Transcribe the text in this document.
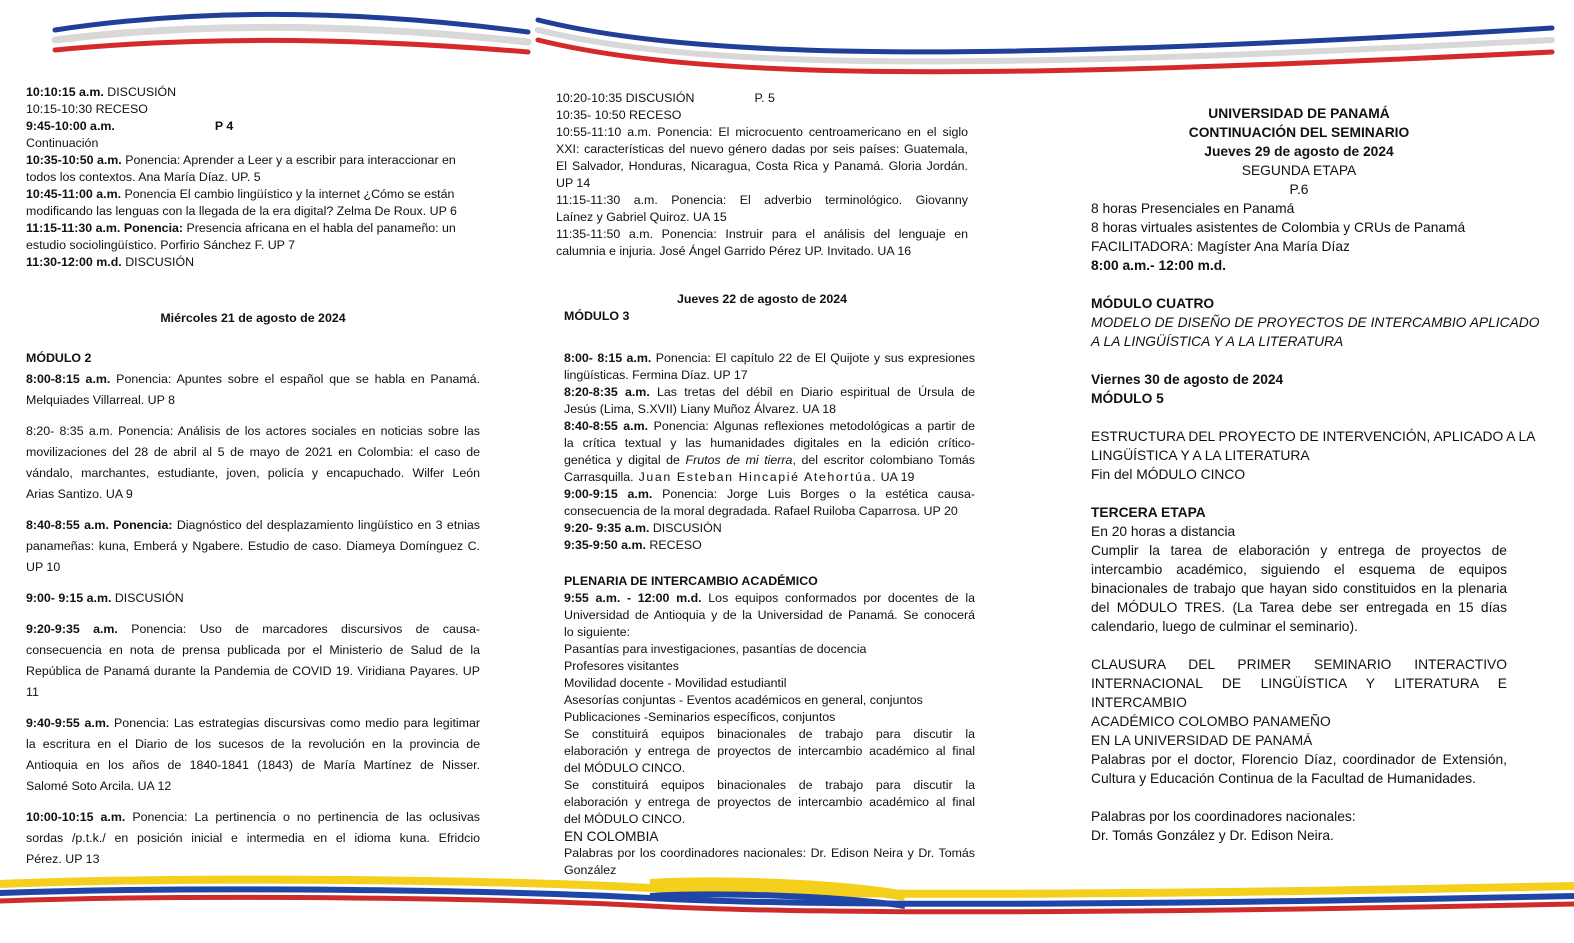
10:10:15 a.m. DISCUSIÓN
10:15-10:30 RECESO
9:45-10:00 a.m.	P 4
Continuación
10:35-10:50 a.m. Ponencia: Aprender a Leer y a escribir para interaccionar en
todos los contextos. Ana María Díaz. UP. 5
10:45-11:00 a.m. Ponencia El cambio lingüístico y la internet ¿Cómo se están
modificando las lenguas con la llegada de la era digital? Zelma De Roux. UP 6
11:15-11:30 a.m. Ponencia: Presencia africana en el habla del panameño: un
estudio sociolingüístico. Porfirio Sánchez F. UP 7
11:30-12:00 m.d. DISCUSIÓN
Miércoles 21 de agosto de 2024
MÓDULO 2
8:00-8:15 a.m. Ponencia: Apuntes sobre el español que se habla en Panamá.
Melquiades Villarreal. UP 8
8:20- 8:35 a.m. Ponencia: Análisis de los actores sociales en noticias sobre las
movilizaciones del 28 de abril al 5 de mayo de 2021 en Colombia: el caso de
vándalo, marchantes, estudiante, joven, policía y encapuchado. Wilfer León
Arias Santizo. UA 9
8:40-8:55 a.m. Ponencia: Diagnóstico del desplazamiento lingüístico en 3 etnias
panameñas: kuna, Emberá y Ngabere. Estudio de caso. Diameya Domínguez C.
UP 10
9:00- 9:15 a.m. DISCUSIÓN
9:20-9:35 a.m. Ponencia: Uso de marcadores discursivos de causa-
consecuencia en nota de prensa publicada por el Ministerio de Salud de la
República de Panamá durante la Pandemia de COVID 19. Viridiana Payares. UP
11
9:40-9:55 a.m. Ponencia: Las estrategias discursivas como medio para legitimar
la escritura en el Diario de los sucesos de la revolución en la provincia de
Antioquia en los años de 1840-1841 (1843) de María Martínez de Nisser.
Salomé Soto Arcila. UA 12
10:00-10:15 a.m. Ponencia: La pertinencia o no pertinencia de las oclusivas
sordas /p.t.k./ en posición inicial e intermedia en el idioma kuna. Efridcio
Pérez. UP 13
10:20-10:35 DISCUSIÓN	P. 5
10:35- 10:50 RECESO
10:55-11:10 a.m. Ponencia: El microcuento centroamericano en el siglo
XXI: características del nuevo género dadas por seis países: Guatemala,
El Salvador, Honduras, Nicaragua, Costa Rica y Panamá. Gloria Jordán.
UP 14
11:15-11:30 a.m. Ponencia: El adverbio terminológico. Giovanny
Laínez y Gabriel Quiroz. UA 15
11:35-11:50 a.m. Ponencia: Instruir para el análisis del lenguaje en
calumnia e injuria. José Ángel Garrido Pérez UP. Invitado. UA 16
Jueves 22 de agosto de 2024
MÓDULO 3
8:00- 8:15 a.m. Ponencia: El capítulo 22 de El Quijote y sus expresiones
lingüísticas. Fermina Díaz. UP 17
8:20-8:35 a.m. Las tretas del débil en Diario espiritual de Úrsula de
Jesús (Lima, S.XVII) Liany Muñoz Álvarez. UA 18
8:40-8:55 a.m. Ponencia: Algunas reflexiones metodológicas a partir de
la crítica textual y las humanidades digitales en la edición crítico-
genética y digital de Frutos de mi tierra, del escritor colombiano Tomás
Carrasquilla. Juan Esteban Hincapié Atehortúa. UA 19
9:00-9:15 a.m. Ponencia: Jorge Luis Borges o la estética causa-
consecuencia de la moral degradada. Rafael Ruiloba Caparrosa. UP 20
9:20- 9:35 a.m. DISCUSIÓN
9:35-9:50 a.m. RECESO
PLENARIA DE INTERCAMBIO ACADÉMICO
9:55 a.m. - 12:00 m.d. Los equipos conformados por docentes de la
Universidad de Antioquia y de la Universidad de Panamá. Se conocerá
lo siguiente:
Pasantías para investigaciones, pasantías de docencia
Profesores visitantes
Movilidad docente - Movilidad estudiantil
Asesorías conjuntas - Eventos académicos en general, conjuntos
Publicaciones -Seminarios específicos, conjuntos
Se constituirá equipos binacionales de trabajo para discutir la
elaboración y entrega de proyectos de intercambio académico al final
del MÓDULO CINCO.
Se constituirá equipos binacionales de trabajo para discutir la
elaboración y entrega de proyectos de intercambio académico al final
del MÓDULO CINCO.
EN COLOMBIA
Palabras por los coordinadores nacionales: Dr. Edison Neira y Dr. Tomás
González
UNIVERSIDAD DE PANAMÁ
CONTINUACIÓN DEL SEMINARIO
Jueves 29 de agosto de 2024
SEGUNDA ETAPA
P.6
8 horas Presenciales en Panamá
8 horas virtuales asistentes de Colombia y CRUs de Panamá
FACILITADORA: Magíster Ana María Díaz
8:00 a.m.- 12:00 m.d.
MÓDULO CUATRO
MODELO DE DISEÑO DE PROYECTOS DE INTERCAMBIO APLICADO
A LA LINGÜÍSTICA Y A LA LITERATURA
Viernes 30 de agosto de 2024
MÓDULO 5
ESTRUCTURA DEL PROYECTO DE INTERVENCIÓN, APLICADO A LA
LINGÜÍSTICA Y A LA LITERATURA
Fin del MÓDULO CINCO
TERCERA ETAPA
En 20 horas a distancia
Cumplir la tarea de elaboración y entrega de proyectos de
intercambio académico, siguiendo el esquema de equipos
binacionales de trabajo que hayan sido constituidos en la plenaria
del MÓDULO TRES. (La Tarea debe ser entregada en 15 días
calendario, luego de culminar el seminario).
CLAUSURA DEL PRIMER SEMINARIO INTERACTIVO
INTERNACIONAL DE LINGÜÍSTICA Y LITERATURA E INTERCAMBIO
ACADÉMICO COLOMBO PANAMEÑO
EN LA UNIVERSIDAD DE PANAMÁ
Palabras por el doctor, Florencio Díaz, coordinador de Extensión,
Cultura y Educación Continua de la Facultad de Humanidades.
Palabras por los coordinadores nacionales:
Dr. Tomás González y Dr. Edison Neira.
